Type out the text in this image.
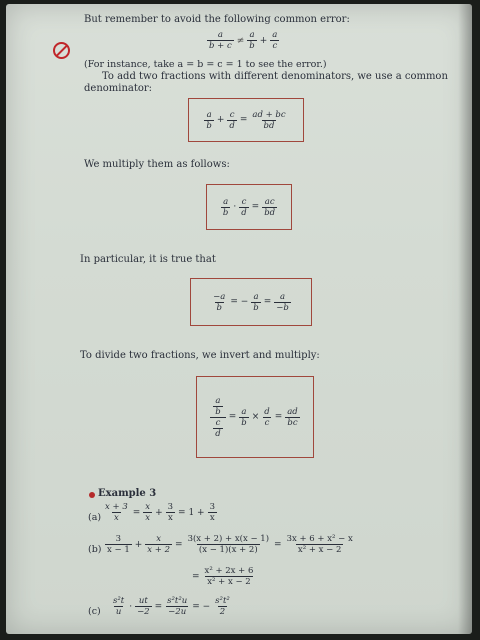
But remember to avoid the following common error:
a
b + c
≠
a
b
+ $\frac{a}{c}$
(For instance, take a = b = c = 1 to see the error.)
To add two fractions with different denominators, we use a common
denominator:
a
b
+ $\frac{c}{d} = \frac{ad + bc}{bd}$
We multiply them as follows:
a
b
· $\frac{c}{d} = \frac{ac}{bd}$
In particular, it is true that
$\frac{-a}{b}$ = − $\frac{a}{b} = \frac{a}{-b}$
To divide two fractions, we invert and multiply:
$\frac{\frac{a}{b}}{\frac{c}{d}} = \frac{a}{b} \times \frac{d}{c} = \frac{ad}{bc}$
Example 3
$(a) \frac{x + 3}{x} = \frac{x}{x} + \frac{3}{x} = 1 + \frac{3}{x}$
(b)
3
x − 1
+ $\frac{x}{x + 2} = \frac{3(x + 2) + x(x - 1)}{(x - 1)(x + 2)} = \frac{\text{3x + 6 + x² − x}}{\text{x² + x − 2}}$
= $\frac{\text{x² + 2x + 6}}{\text{x² + x − 2}}$
(c)
s²t
u
· $\frac{ut}{-2} = \frac{\text{s²t²u}}{-2u}$ = − $\frac{\text{s²t²}}{2}$
